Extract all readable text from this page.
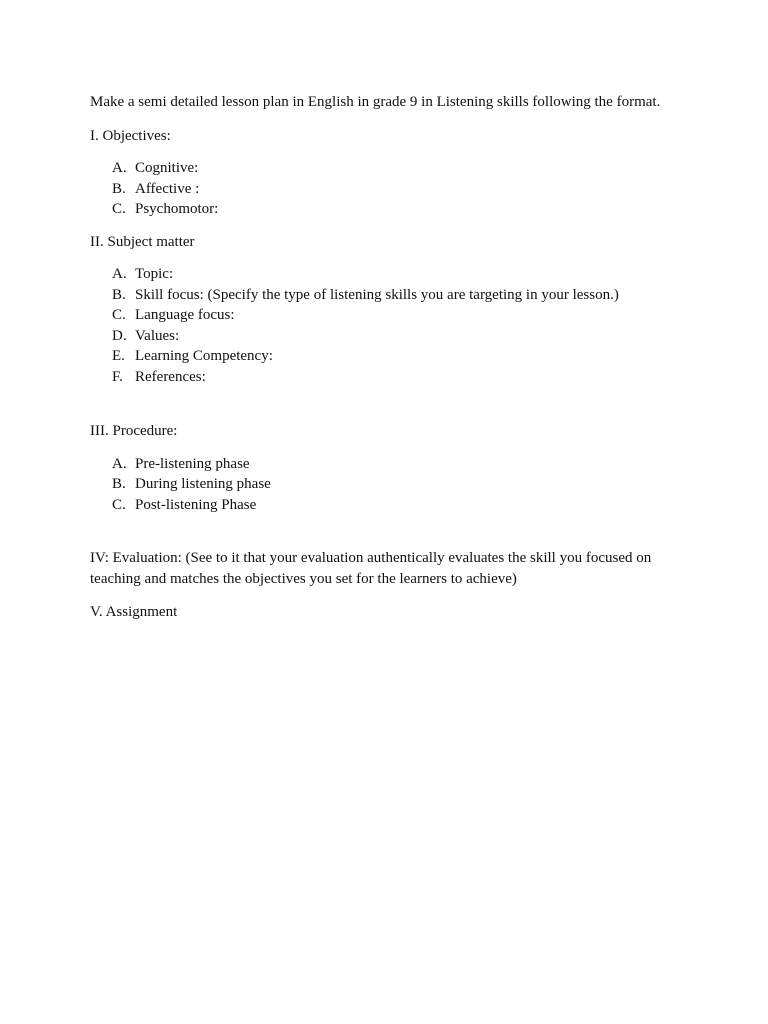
Make a semi detailed lesson plan in English in grade 9 in Listening skills following the format.

I. Objectives:

A. Cognitive:
B. Affective :
C. Psychomotor:

II. Subject matter

A. Topic:
B. Skill focus: (Specify the type of listening skills you are targeting in your lesson.)
C. Language focus:
D. Values:
E. Learning Competency:
F. References:

III. Procedure:

A. Pre-listening phase
B. During listening phase
C. Post-listening Phase

IV: Evaluation: (See to it that your evaluation authentically evaluates the skill you focused on teaching and matches the objectives you set for the learners to achieve)

V. Assignment
